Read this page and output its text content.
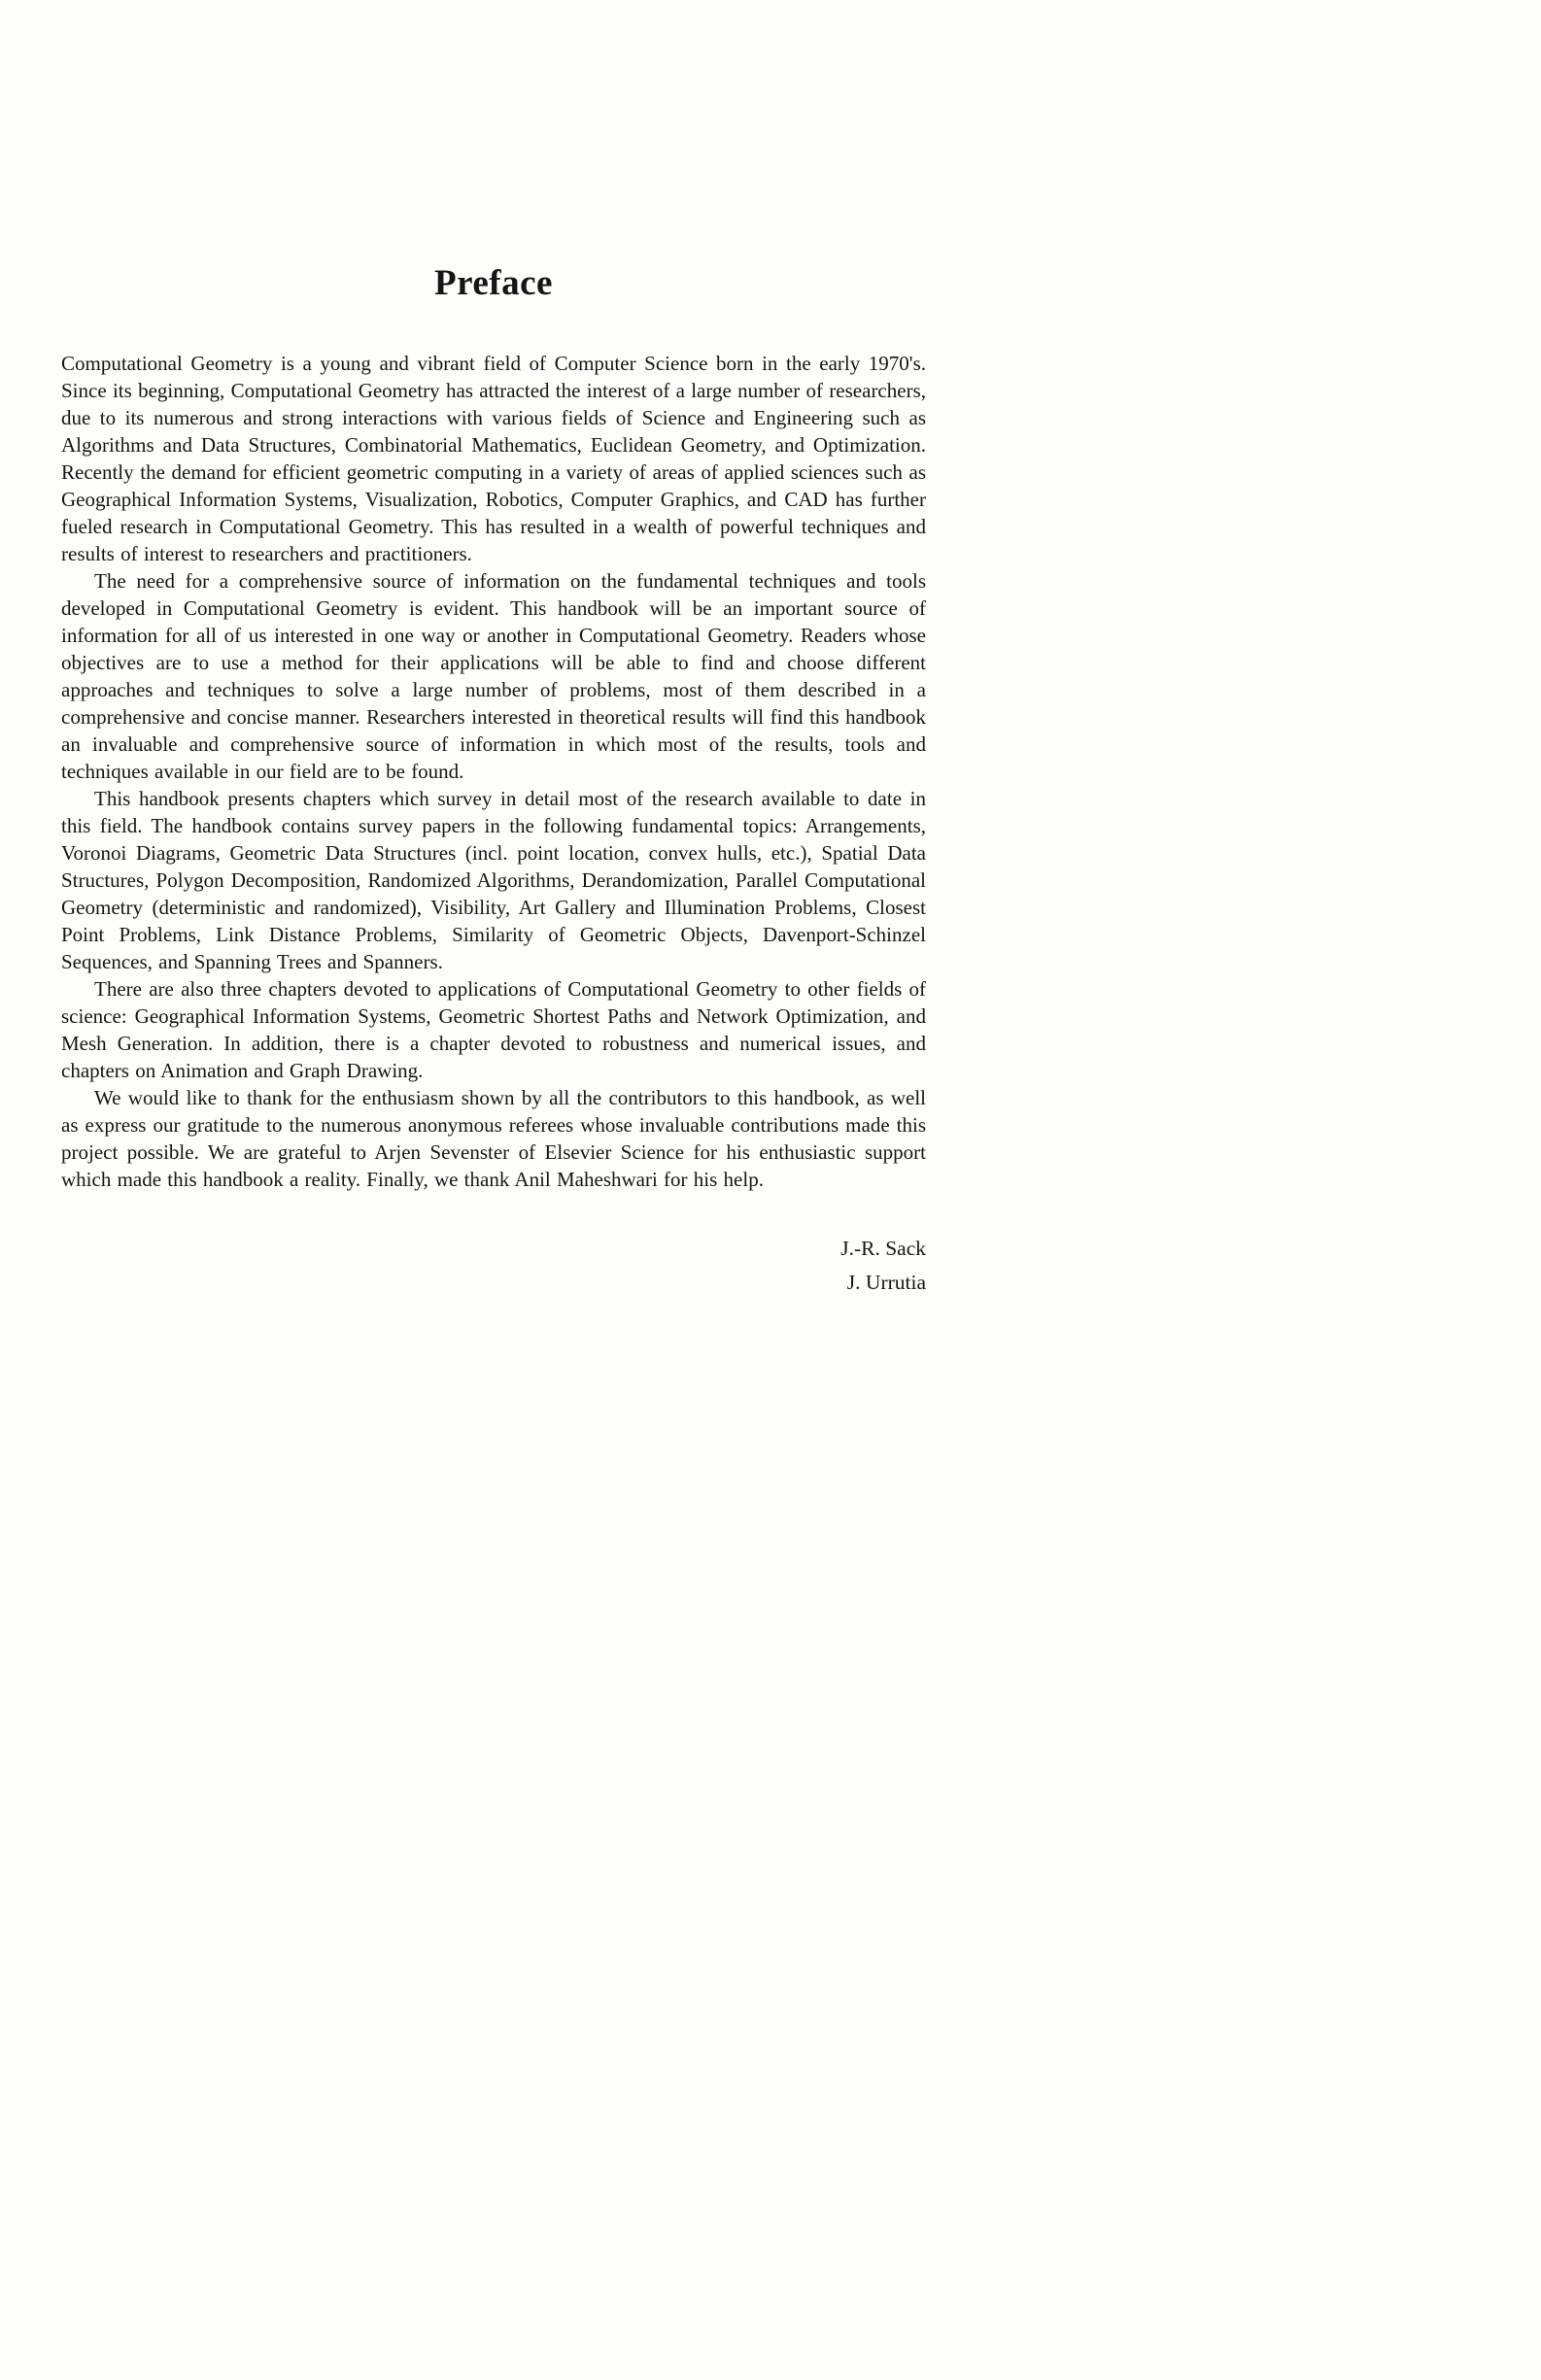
Preface

Computational Geometry is a young and vibrant field of Computer Science born in the early 1970's. Since its beginning, Computational Geometry has attracted the interest of a large number of researchers, due to its numerous and strong interactions with various fields of Science and Engineering such as Algorithms and Data Structures, Combinatorial Mathematics, Euclidean Geometry, and Optimization. Recently the demand for efficient geometric computing in a variety of areas of applied sciences such as Geographical Information Systems, Visualization, Robotics, Computer Graphics, and CAD has further fueled research in Computational Geometry. This has resulted in a wealth of powerful techniques and results of interest to researchers and practitioners.

The need for a comprehensive source of information on the fundamental techniques and tools developed in Computational Geometry is evident. This handbook will be an important source of information for all of us interested in one way or another in Computational Geometry. Readers whose objectives are to use a method for their applications will be able to find and choose different approaches and techniques to solve a large number of problems, most of them described in a comprehensive and concise manner. Researchers interested in theoretical results will find this handbook an invaluable and comprehensive source of information in which most of the results, tools and techniques available in our field are to be found.

This handbook presents chapters which survey in detail most of the research available to date in this field. The handbook contains survey papers in the following fundamental topics: Arrangements, Voronoi Diagrams, Geometric Data Structures (incl. point location, convex hulls, etc.), Spatial Data Structures, Polygon Decomposition, Randomized Algorithms, Derandomization, Parallel Computational Geometry (deterministic and randomized), Visibility, Art Gallery and Illumination Problems, Closest Point Problems, Link Distance Problems, Similarity of Geometric Objects, Davenport-Schinzel Sequences, and Spanning Trees and Spanners.

There are also three chapters devoted to applications of Computational Geometry to other fields of science: Geographical Information Systems, Geometric Shortest Paths and Network Optimization, and Mesh Generation. In addition, there is a chapter devoted to robustness and numerical issues, and chapters on Animation and Graph Drawing.

We would like to thank for the enthusiasm shown by all the contributors to this handbook, as well as express our gratitude to the numerous anonymous referees whose invaluable contributions made this project possible. We are grateful to Arjen Sevenster of Elsevier Science for his enthusiastic support which made this handbook a reality. Finally, we thank Anil Maheshwari for his help.

J.-R. Sack
J. Urrutia
